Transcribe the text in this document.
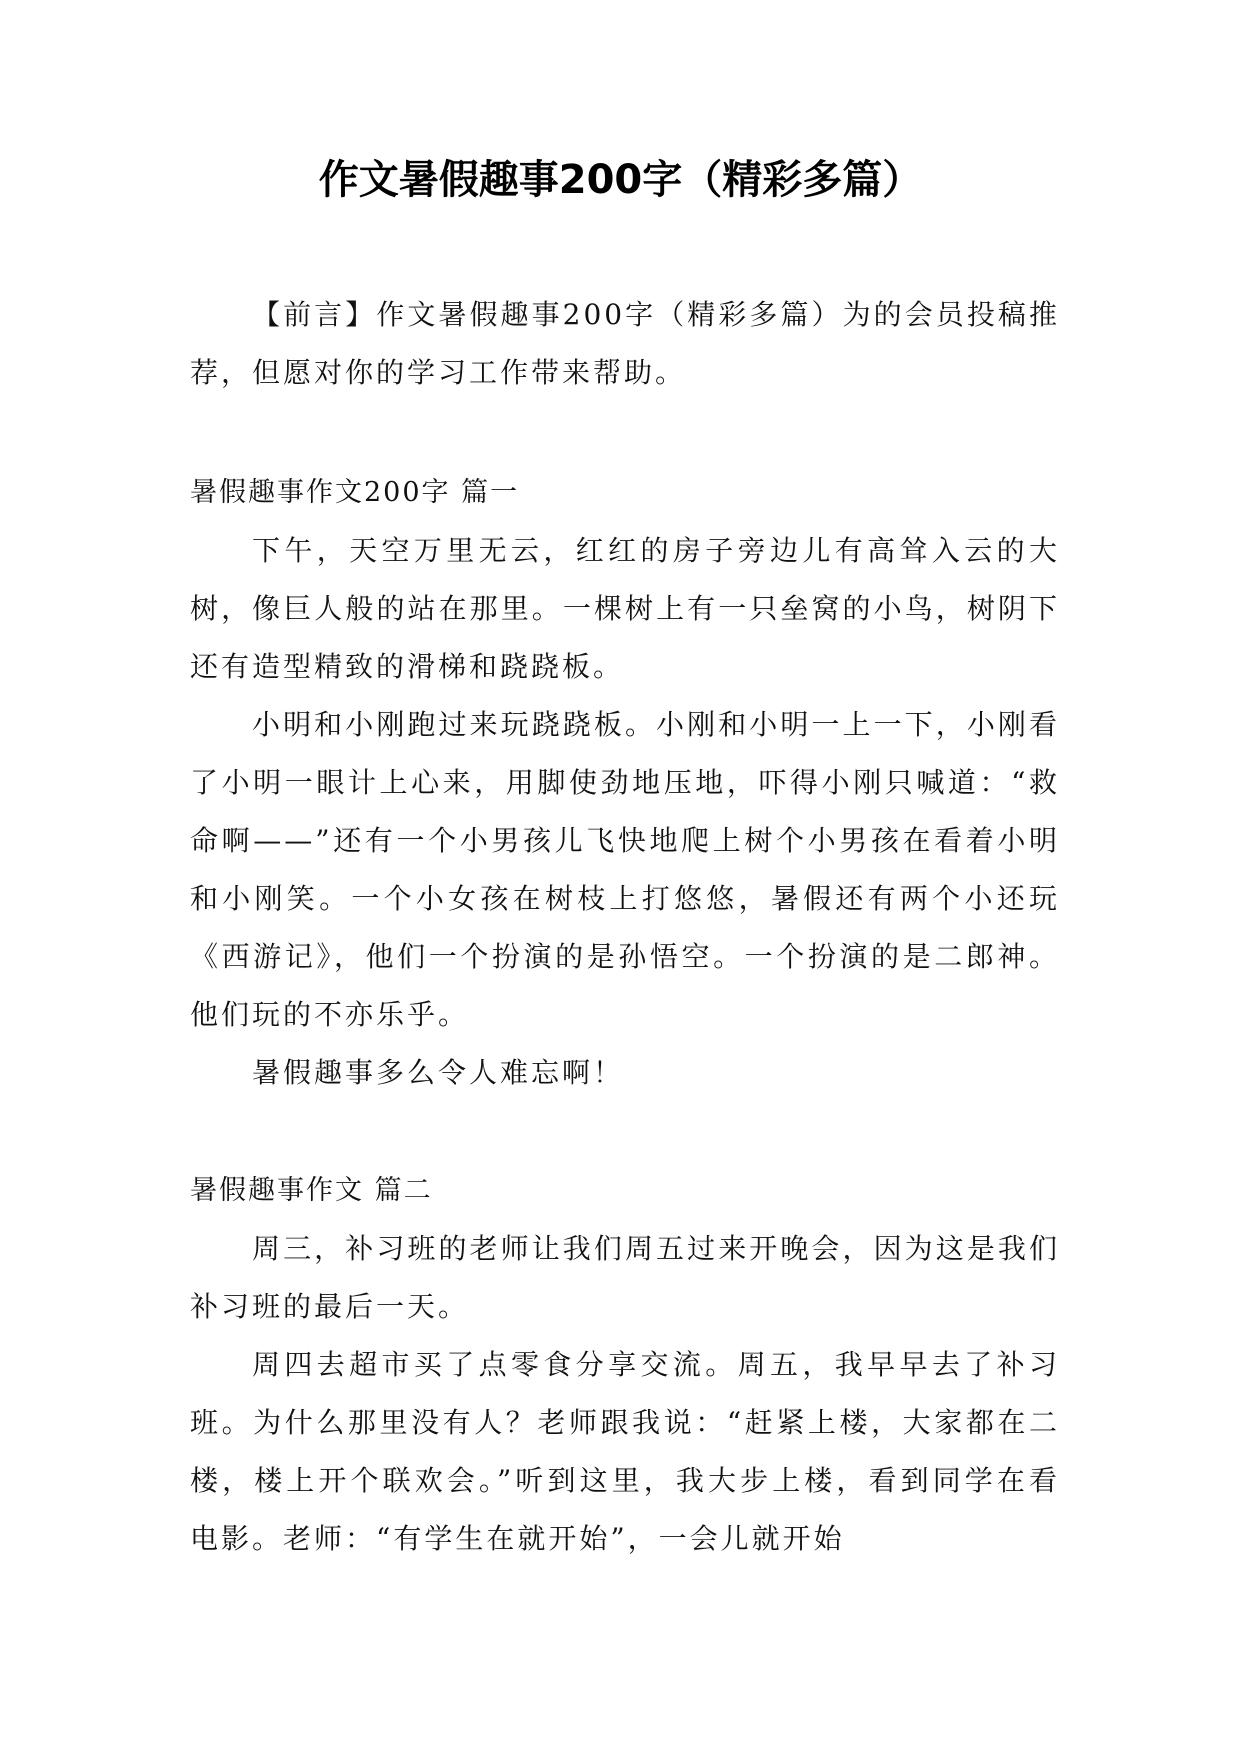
作文暑假趣事200字（精彩多篇）

【前言】作文暑假趣事200字（精彩多篇）为的会员投稿推荐，但愿对你的学习工作带来帮助。

暑假趣事作文200字 篇一

下午，天空万里无云，红红的房子旁边儿有高耸入云的大树，像巨人般的站在那里。一棵树上有一只垒窝的小鸟，树阴下还有造型精致的滑梯和跷跷板。

小明和小刚跑过来玩跷跷板。小刚和小明一上一下，小刚看了小明一眼计上心来，用脚使劲地压地，吓得小刚只喊道：“救命啊——”还有一个小男孩儿飞快地爬上树个小男孩在看着小明和小刚笑。一个小女孩在树枝上打悠悠，暑假还有两个小还玩《西游记》，他们一个扮演的是孙悟空。一个扮演的是二郎神。他们玩的不亦乐乎。

暑假趣事多么令人难忘啊！

暑假趣事作文 篇二

周三，补习班的老师让我们周五过来开晚会，因为这是我们补习班的最后一天。

周四去超市买了点零食分享交流。周五，我早早去了补习班。为什么那里没有人？老师跟我说：“赶紧上楼，大家都在二楼，楼上开个联欢会。”听到这里，我大步上楼，看到同学在看电影。老师：“有学生在就开始”，一会儿就开始
